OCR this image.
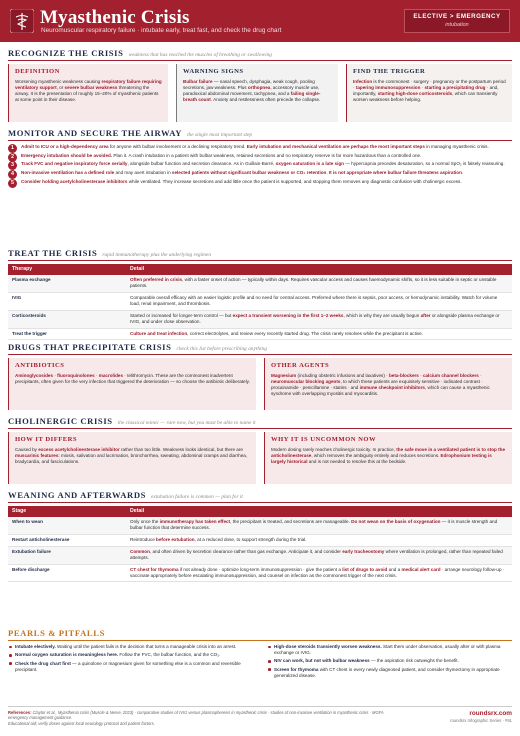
Myasthenic Crisis
Neuromuscular respiratory failure · intubate early, treat fast, and check the drug chart
ELECTIVE > EMERGENCY
intubation
RECOGNIZE THE CRISIS weakness that has reached the muscles of breathing or swallowing
DEFINITION
Worsening myasthenic weakness causing respiratory failure requiring ventilatory support, or severe bulbar weakness threatening the airway. It is the presentation of roughly 15–20% of myasthenic patients at some point in their disease.
WARNING SIGNS
Bulbar failure — nasal speech, dysphagia, weak cough, pooling secretions, jaw weakness. Plus orthopnea, accessory muscle use, paradoxical abdominal movement, tachypnea, and a failing single-breath count. Anxiety and restlessness often precede the collapse.
FIND THE TRIGGER
Infection is the commonest · surgery · pregnancy or the postpartum period · tapering immunosuppression · starting a precipitating drug · and, importantly, starting high-dose corticosteroids, which can transiently worsen weakness before helping.
MONITOR AND SECURE THE AIRWAY the single most important step
1	Admit to ICU or a high-dependency area for anyone with bulbar involvement or a declining respiratory trend. Early intubation and mechanical ventilation are perhaps the most important steps in managing myasthenic crisis.
2	Emergency intubation should be avoided. Plan it. A crash intubation in a patient with bulbar weakness, retained secretions and no respiratory reserve is far more hazardous than a controlled one.
3	Track FVC and negative inspiratory force serially, alongside bulbar function and secretion clearance. As in Guillain-Barré, oxygen saturation is a late sign — hypercapnia precedes desaturation, so a normal SpO₂ is falsely reassuring.
4	Non-invasive ventilation has a defined role and may avert intubation in selected patients without significant bulbar weakness or CO₂ retention. It is not appropriate where bulbar failure threatens aspiration.
5	Consider holding acetylcholinesterase inhibitors while ventilated. They increase secretions and add little once the patient is supported, and stopping them removes any diagnostic confusion with cholinergic excess.
TREAT THE CRISIS rapid immunotherapy plus the underlying regimen
Therapy	Detail
Plasma exchange	Often preferred in crisis, with a faster onset of action — typically within days. Requires vascular access and causes haemodynamic shifts, so it is less suitable in septic or unstable patients.
IVIG	Comparable overall efficacy with an easier logistic profile and no need for central access. Preferred where there is sepsis, poor access, or hemodynamic instability. Watch for volume load, renal impairment, and thrombosis.
Corticosteroids	Started or increased for longer-term control — but expect a transient worsening in the first 1–2 weeks, which is why they are usually begun after or alongside plasma exchange or IVIG, and under close observation.
Treat the trigger	Culture and treat infection, correct electrolytes, and review every recently started drug. The crisis rarely resolves while the precipitant is active.
DRUGS THAT PRECIPITATE CRISIS check this list before prescribing anything
ANTIBIOTICS
Aminoglycosides · fluoroquinolones · macrolides · telithromycin. These are the commonest inadvertent precipitants, often given for the very infection that triggered the deterioration — so choose the antibiotic deliberately.
OTHER AGENTS
Magnesium (including obstetric infusions and laxatives) · beta-blockers · calcium channel blockers · neuromuscular blocking agents, to which these patients are exquisitely sensitive · iodinated contrast · procainamide · penicillamine · statins · and immune checkpoint inhibitors, which can cause a myasthenic syndrome with overlapping myositis and myocarditis.
CHOLINERGIC CRISIS the classical mimic — rare now, but you must be able to name it
HOW IT DIFFERS
Caused by excess acetylcholinesterase inhibitor rather than too little. Weakness looks identical, but there are muscarinic features: miosis, salivation and lacrimation, bronchorrhea, sweating, abdominal cramps and diarrhea, bradycardia, and fasciculations.
WHY IT IS UNCOMMON NOW
Modern dosing rarely reaches cholinergic toxicity. In practice, the safe move in a ventilated patient is to stop the anticholinesterase, which removes the ambiguity entirely and reduces secretions. Edrophonium testing is largely historical and is not needed to resolve this at the bedside.
WEANING AND AFTERWARDS extubation failure is common — plan for it
Stage	Detail
When to wean	Only once the immunotherapy has taken effect, the precipitant is treated, and secretions are manageable. Do not wean on the basis of oxygenation — it is muscle strength and bulbar function that determine success.
Restart anticholinesterase	Reintroduce before extubation, at a reduced dose, to support strength during the trial.
Extubation failure	Common, and often driven by secretion clearance rather than gas exchange. Anticipate it, and consider early tracheostomy where ventilation is prolonged, rather than repeated failed attempts.
Before discharge	CT chest for thymoma if not already done · optimize long-term immunosuppression · give the patient a list of drugs to avoid and a medical alert card · arrange neurology follow-up · vaccinate appropriately before escalating immunosuppression, and counsel on infection as the commonest trigger of the next crisis.
PEARLS & PITFALLS
Intubate electively. Waiting until the patient fails is the decision that turns a manageable crisis into an arrest.
Normal oxygen saturation is meaningless here. Follow the FVC, the bulbar function, and the CO₂.
Check the drug chart first — a quinolone or magnesium given for something else is a common and reversible precipitant.
High-dose steroids transiently worsen weakness. Start them under observation, usually after or with plasma exchange or IVIG.
NIV can work, but not with bulbar weakness — the aspiration risk outweighs the benefit.
Screen for thymoma with CT chest in every newly diagnosed patient, and consider thymectomy in appropriate generalized disease.
References: Claytor et al., Myasthenia crisis (Muscle & Nerve, 2023) · comparative studies of IVIG versus plasmapheresis in myasthenic crisis · studies of non-invasive ventilation in myasthenic crisis · MGFA emergency management guidance.
Educational aid; verify doses against local neurology protocol and patient factors.
roundsrx.com
roundsrx Infographic Series · #91
